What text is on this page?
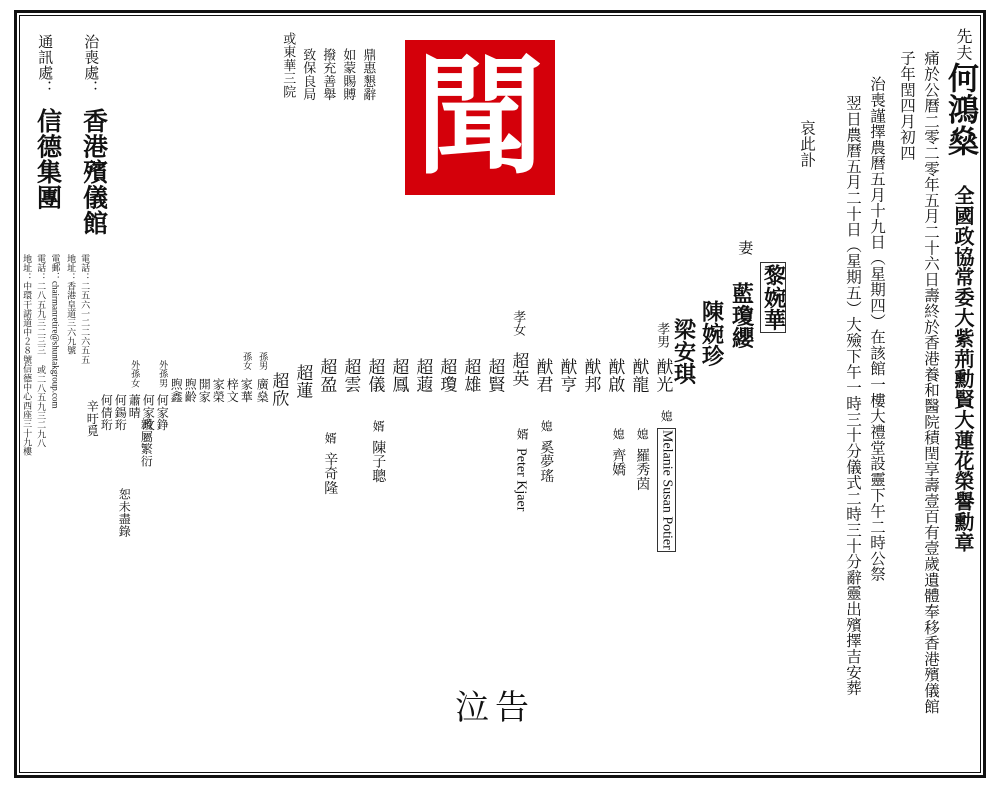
聞
先夫
何鴻燊
全國政協常委大紫荊勳賢大蓮花榮譽勳章
痛於公曆二零二零年五月二十六日壽終於香港養和醫院積閏享壽壹百有壹歲遺體奉移香港殯儀館
子年閏四月初四
治喪謹擇農曆五月十九日（星期四）在該館一樓大禮堂設靈下午二時公祭
翌日農曆五月二十日（星期五）大殮下午一時三十分儀式二時三十分辭靈出殯擇吉安葬
哀此訃
或東華三院 致保良局 撥充善舉 如蒙賜賻 鼎惠懇辭
治喪處：
香港殯儀館
地址：香港皇道三六九號 電話：二五六一二二六五五
通訊處：
信德集團
地址：中環干諾道中２８號信德中心西座三十九樓 電話：二八五九三二三三 或二八五九三二九八 電郵：chairmanretire@shuntakgroup.com
妻
黎婉華
藍瓊纓
陳婉珍
梁安琪
孝男
猷光
媳
Melanie Susan Potier
猷龍
媳
羅秀茵
猷啟
媳
齊嬌
猷邦
猷亨
猷君
媳
奚夢瑤
孝女
超英
婿
Peter Kjaer
超賢
超雄
超瓊
超蕸
超鳳
超儀
婿
陳子聰
超雲
超盈
婿
辛奇隆
超蓮
超欣
孫男
廣燊
孫女
家華
梓文
家榮
開家
煦齡
煦鑫
外孫男
何家錚
何家玫
外孫女
蕭晴
何鍚珩
何倩珩
辛旴覓	親屬繁衍
恕未盡錄
泣告
